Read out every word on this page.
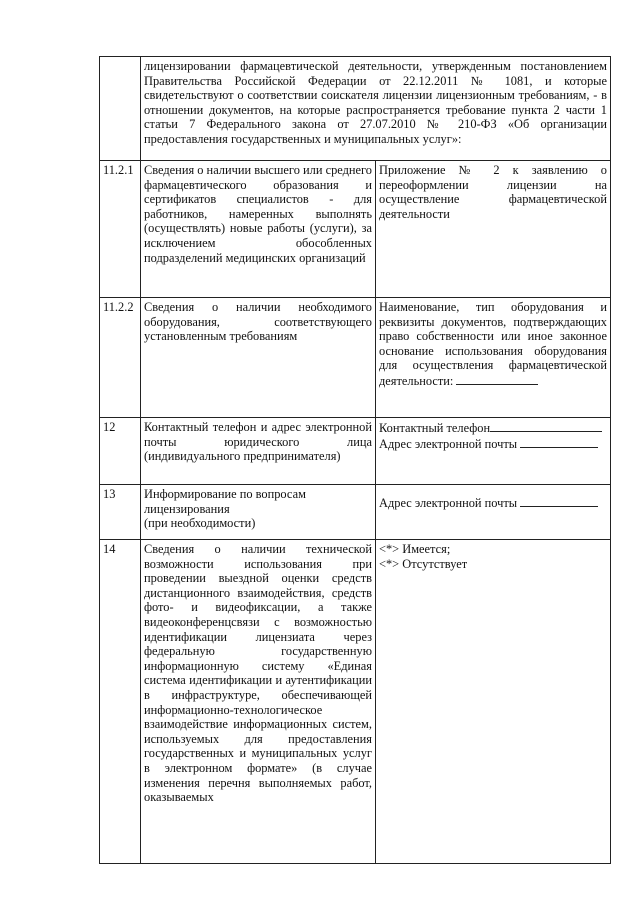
	лицензировании фармацевтической деятельности, утвержденным постановлением Правительства Российской Федерации от 22.12.2011 № 1081, и которые свидетельствуют о соответствии соискателя лицензии лицензионным требованиям, - в отношении документов, на которые распространяется требование пункта 2 части 1 статьи 7 Федерального закона от 27.07.2010 № 210-ФЗ «Об организации предоставления государственных и муниципальных услуг»:	
11.2.1	Сведения о наличии высшего или среднего фармацевтического образования и сертификатов специалистов - для работников, намеренных выполнять (осуществлять) новые работы (услуги), за исключением обособленных подразделений медицинских организаций	Приложение № 2 к заявлению о переоформлении лицензии на осуществление фармацевтической деятельности
11.2.2	Сведения о наличии необходимого оборудования, соответствующего установленным требованиям	Наименование, тип оборудования и реквизиты документов, подтверждающих право собственности или иное законное основание использования оборудования для осуществления фармацевтической деятельности:
12	Контактный телефон и адрес электронной почты юридического лица (индивидуального предпринимателя)	Контактный телефон
Адрес электронной почты

13	Информирование по вопросам лицензирования
(при необходимости)	Адрес электронной почты

14	Сведения о наличии технической возможности использования при проведении выездной оценки средств дистанционного взаимодействия, средств фото- и видеофиксации, а также видеоконференцсвязи с возможностью идентификации лицензиата через федеральную государственную информационную систему «Единая система идентификации и аутентификации в инфраструктуре, обеспечивающей информационно-технологическое взаимодействие информационных систем, используемых для предоставления государственных и муниципальных услуг в электронном формате» (в случае изменения перечня выполняемых работ, оказываемых	<*> Имеется;
<*> Отсутствует
